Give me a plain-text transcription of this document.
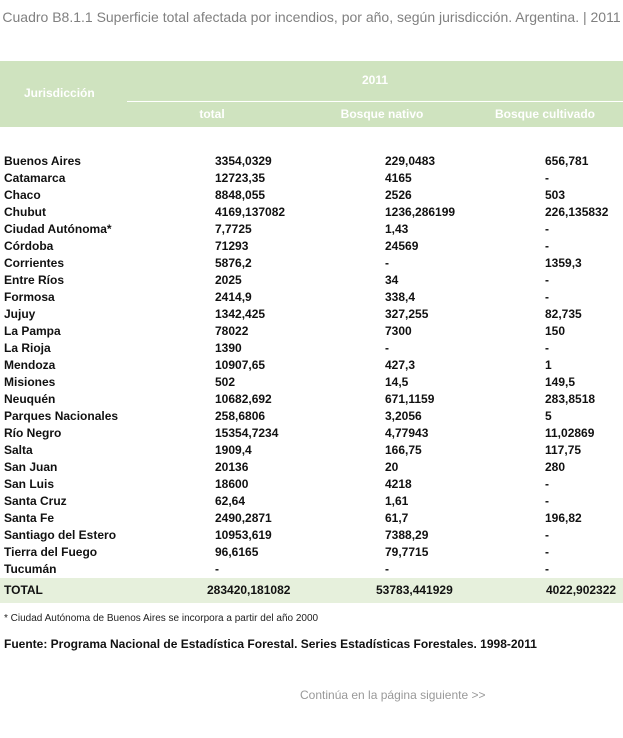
Cuadro B8.1.1 Superficie total afectada por incendios, por año, según jurisdicción. Argentina. | 2011
Jurisdicción
2011
total	Bosque nativo	Bosque cultivado
Buenos Aires	3354,0329	229,0483	656,781
Catamarca	12723,35	4165	-
Chaco	8848,055	2526	503
Chubut	4169,137082	1236,286199	226,135832
Ciudad Autónoma*	7,7725	1,43	-
Córdoba	71293	24569	-
Corrientes	5876,2	-	1359,3
Entre Ríos	2025	34	-
Formosa	2414,9	338,4	-
Jujuy	1342,425	327,255	82,735
La Pampa	78022	7300	150
La Rioja	1390	-	-
Mendoza	10907,65	427,3	1
Misiones	502	14,5	149,5
Neuquén	10682,692	671,1159	283,8518
Parques Nacionales	258,6806	3,2056	5
Río Negro	15354,7234	4,77943	11,02869
Salta	1909,4	166,75	117,75
San Juan	20136	20	280
San Luis	18600	4218	-
Santa Cruz	62,64	1,61	-
Santa Fe	2490,2871	61,7	196,82
Santiago del Estero	10953,619	7388,29	-
Tierra del Fuego	96,6165	79,7715	-
Tucumán	-	-	-
TOTAL	283420,181082	53783,441929	4022,902322
* Ciudad Autónoma de Buenos Aires se incorpora a partir del año 2000
Fuente: Programa Nacional de Estadística Forestal. Series Estadísticas Forestales. 1998-2011
Continúa en la página siguiente >>
